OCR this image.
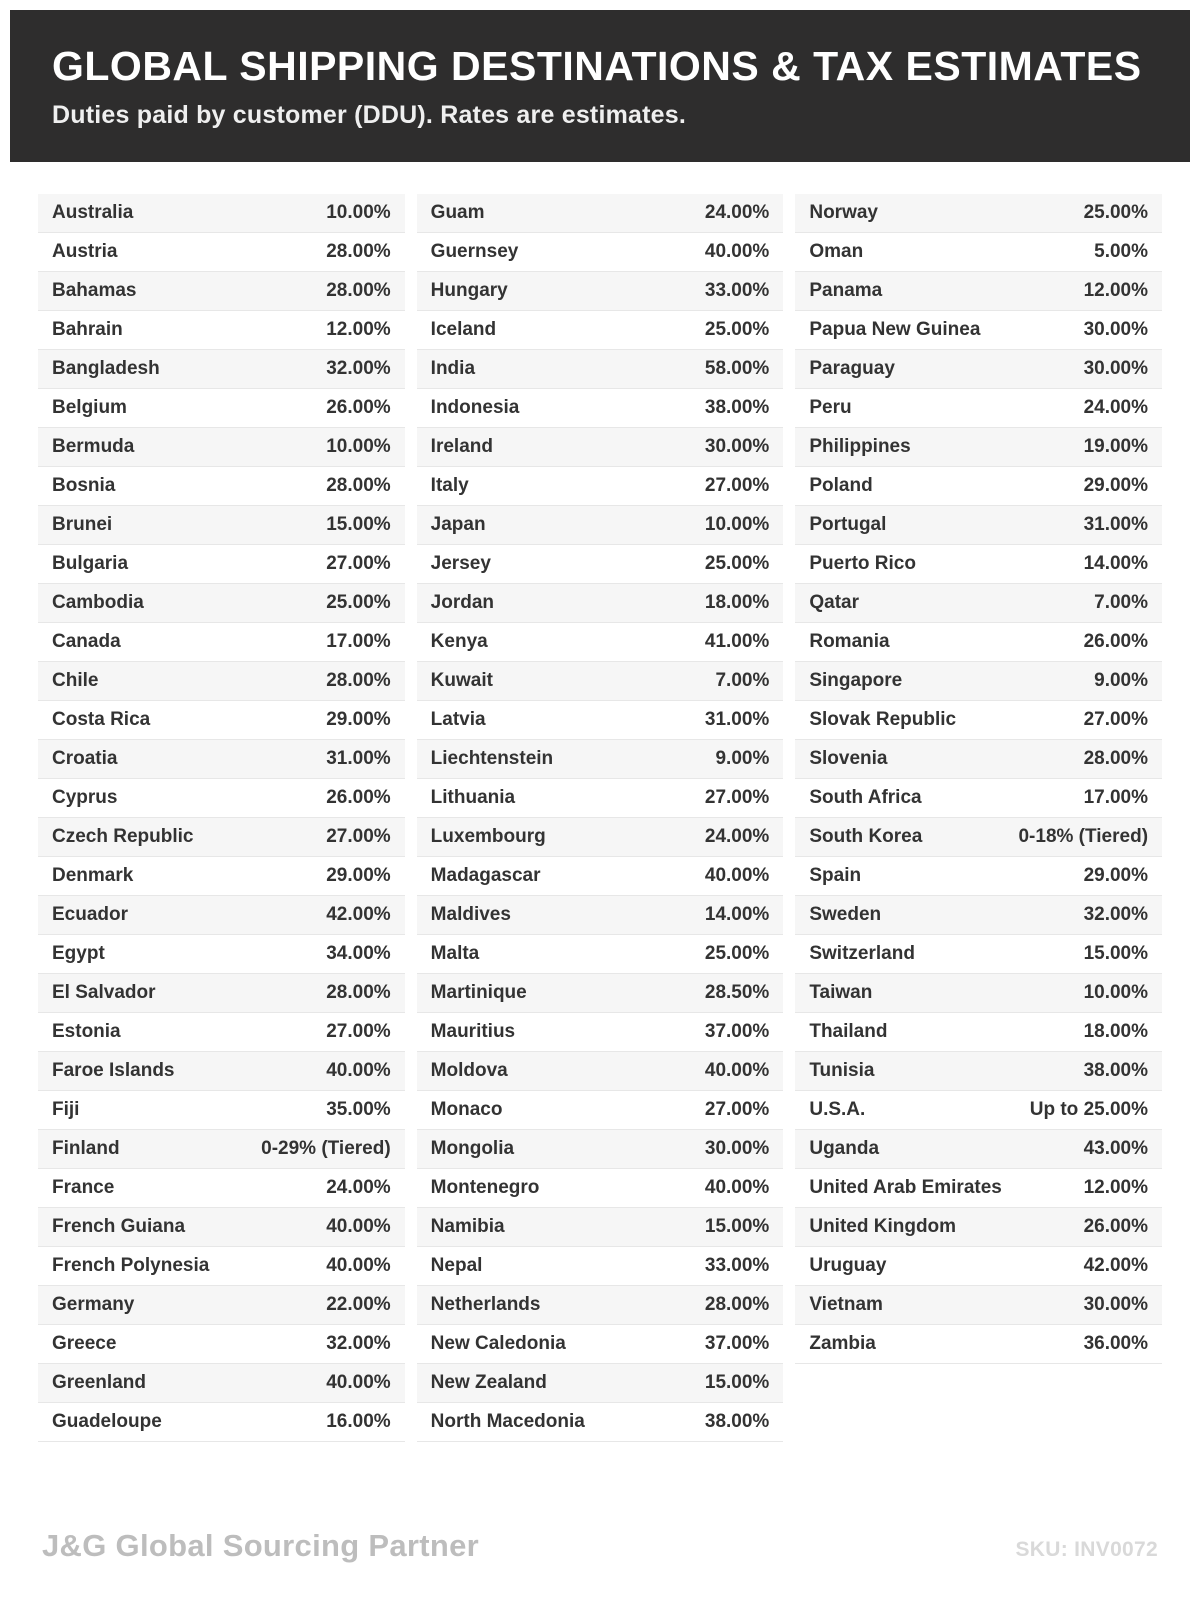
GLOBAL SHIPPING DESTINATIONS & TAX ESTIMATES

Duties paid by customer (DDU). Rates are estimates.

Australia	10.00%
Austria	28.00%
Bahamas	28.00%
Bahrain	12.00%
Bangladesh	32.00%
Belgium	26.00%
Bermuda	10.00%
Bosnia	28.00%
Brunei	15.00%
Bulgaria	27.00%
Cambodia	25.00%
Canada	17.00%
Chile	28.00%
Costa Rica	29.00%
Croatia	31.00%
Cyprus	26.00%
Czech Republic	27.00%
Denmark	29.00%
Ecuador	42.00%
Egypt	34.00%
El Salvador	28.00%
Estonia	27.00%
Faroe Islands	40.00%
Fiji	35.00%
Finland	0-29% (Tiered)
France	24.00%
French Guiana	40.00%
French Polynesia	40.00%
Germany	22.00%
Greece	32.00%
Greenland	40.00%
Guadeloupe	16.00%
Guam	24.00%
Guernsey	40.00%
Hungary	33.00%
Iceland	25.00%
India	58.00%
Indonesia	38.00%
Ireland	30.00%
Italy	27.00%
Japan	10.00%
Jersey	25.00%
Jordan	18.00%
Kenya	41.00%
Kuwait	7.00%
Latvia	31.00%
Liechtenstein	9.00%
Lithuania	27.00%
Luxembourg	24.00%
Madagascar	40.00%
Maldives	14.00%
Malta	25.00%
Martinique	28.50%
Mauritius	37.00%
Moldova	40.00%
Monaco	27.00%
Mongolia	30.00%
Montenegro	40.00%
Namibia	15.00%
Nepal	33.00%
Netherlands	28.00%
New Caledonia	37.00%
New Zealand	15.00%
North Macedonia	38.00%
Norway	25.00%
Oman	5.00%
Panama	12.00%
Papua New Guinea	30.00%
Paraguay	30.00%
Peru	24.00%
Philippines	19.00%
Poland	29.00%
Portugal	31.00%
Puerto Rico	14.00%
Qatar	7.00%
Romania	26.00%
Singapore	9.00%
Slovak Republic	27.00%
Slovenia	28.00%
South Africa	17.00%
South Korea	0-18% (Tiered)
Spain	29.00%
Sweden	32.00%
Switzerland	15.00%
Taiwan	10.00%
Thailand	18.00%
Tunisia	38.00%
U.S.A.	Up to 25.00%
Uganda	43.00%
United Arab Emirates	12.00%
United Kingdom	26.00%
Uruguay	42.00%
Vietnam	30.00%
Zambia	36.00%
J&G Global Sourcing Partner	SKU: INV0072
